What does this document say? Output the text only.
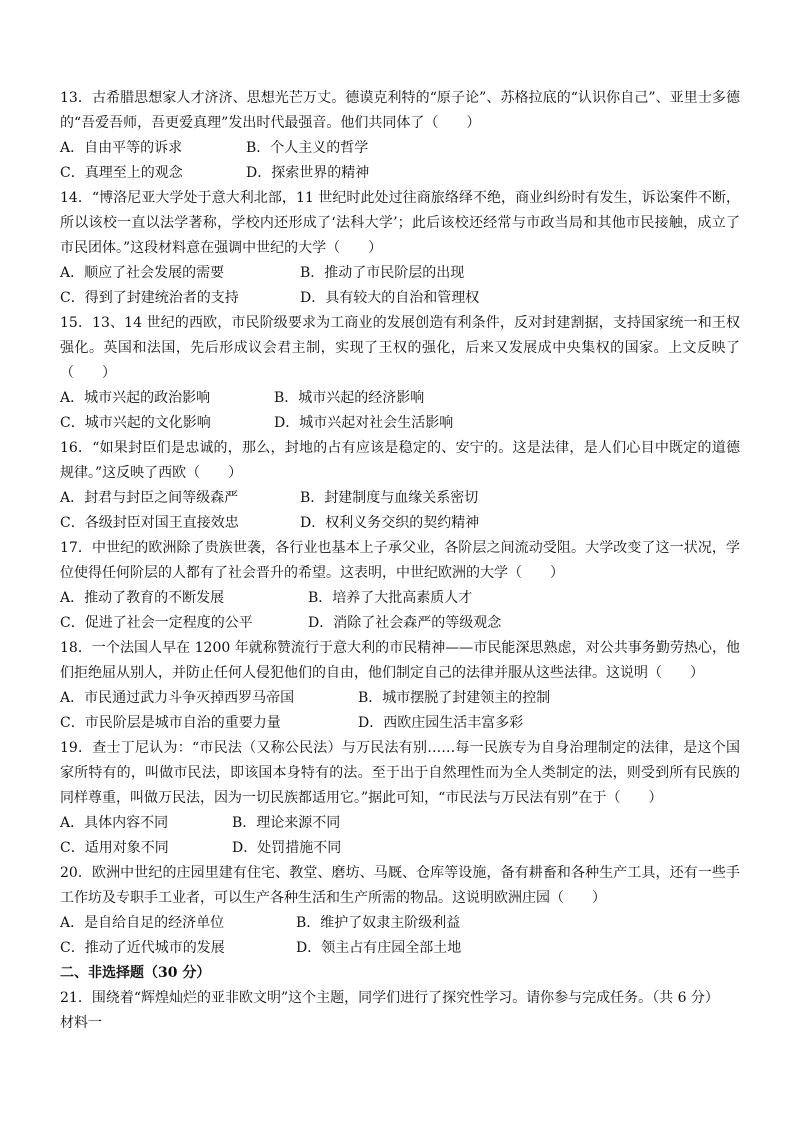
13．古希腊思想家人才济济、思想光芒万丈。德谟克利特的“原子论”、苏格拉底的“认识你自己”、亚里士多德的“吾爱吾师，吾更爱真理”发出时代最强音。他们共同体了（　　）

A．自由平等的诉求	B．个人主义的哲学
C．真理至上的观念	D．探索世界的精神

14．“博洛尼亚大学处于意大利北部，11 世纪时此处过往商旅络绎不绝，商业纠纷时有发生，诉讼案件不断，所以该校一直以法学著称，学校内还形成了‘法科大学’；此后该校还经常与市政当局和其他市民接触，成立了市民团体。”这段材料意在强调中世纪的大学（　　）

A．顺应了社会发展的需要	B．推动了市民阶层的出现
C．得到了封建统治者的支持	D．具有较大的自治和管理权

15．13、14 世纪的西欧，市民阶级要求为工商业的发展创造有利条件，反对封建割据，支持国家统一和王权强化。英国和法国，先后形成议会君主制，实现了王权的强化，后来又发展成中央集权的国家。上文反映了（　　）

A．城市兴起的政治影响	B．城市兴起的经济影响
C．城市兴起的文化影响	D．城市兴起对社会生活影响

16．“如果封臣们是忠诚的，那么，封地的占有应该是稳定的、安宁的。这是法律，是人们心目中既定的道德规律。”这反映了西欧（　　）

A．封君与封臣之间等级森严	B．封建制度与血缘关系密切
C．各级封臣对国王直接效忠	D．权利义务交织的契约精神

17．中世纪的欧洲除了贵族世袭，各行业也基本上子承父业，各阶层之间流动受阻。大学改变了这一状况，学位使得任何阶层的人都有了社会晋升的希望。这表明，中世纪欧洲的大学（　　）

A．推动了教育的不断发展	B．培养了大批高素质人才
C．促进了社会一定程度的公平	D．消除了社会森严的等级观念

18．一个法国人早在 1200 年就称赞流行于意大利的市民精神——市民能深思熟虑，对公共事务勤劳热心，他们拒绝屈从别人，并防止任何人侵犯他们的自由，他们制定自己的法律并服从这些法律。这说明（　　）

A．市民通过武力斗争灭掉西罗马帝国	B．城市摆脱了封建领主的控制
C．市民阶层是城市自治的重要力量	D．西欧庄园生活丰富多彩

19．查士丁尼认为：“市民法（又称公民法）与万民法有别……每一民族专为自身治理制定的法律，是这个国家所特有的，叫做市民法，即该国本身特有的法。至于出于自然理性而为全人类制定的法，则受到所有民族的同样尊重，叫做万民法，因为一切民族都适用它。”据此可知，“市民法与万民法有别”在于（　　）

A．具体内容不同	B．理论来源不同
C．适用对象不同	D．处罚措施不同

20．欧洲中世纪的庄园里建有住宅、教堂、磨坊、马厩、仓库等设施，备有耕畜和各种生产工具，还有一些手工作坊及专职手工业者，可以生产各种生活和生产所需的物品。这说明欧洲庄园（　　）

A．是自给自足的经济单位	B．维护了奴隶主阶级利益
C．推动了近代城市的发展	D．领主占有庄园全部土地

二、非选择题（30 分）

21．围绕着“辉煌灿烂的亚非欧文明”这个主题，同学们进行了探究性学习。请你参与完成任务。（共 6 分）

材料一
